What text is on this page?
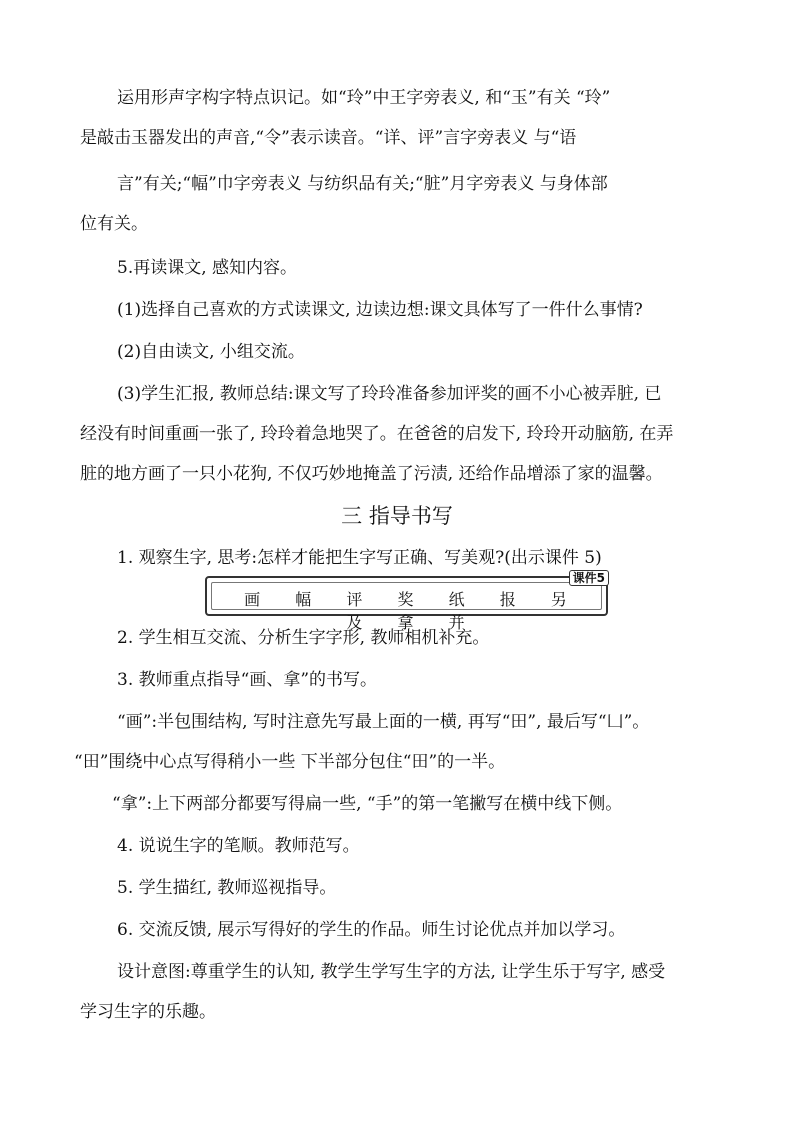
运用形声字构字特点识记。如“玲”中王字旁表义, 和“玉”有关 “玲”
是敲击玉器发出的声音,“令”表示读音。“详、评”言字旁表义 与“语
言”有关;“幅”巾字旁表义 与纺织品有关;“脏”月字旁表义 与身体部
位有关。
5.再读课文, 感知内容。
(1)选择自己喜欢的方式读课文, 边读边想:课文具体写了一件什么事情?
(2)自由读文, 小组交流。
(3)学生汇报, 教师总结:课文写了玲玲准备参加评奖的画不小心被弄脏, 已
经没有时间重画一张了, 玲玲着急地哭了。在爸爸的启发下, 玲玲开动脑筋, 在弄
脏的地方画了一只小花狗, 不仅巧妙地掩盖了污渍, 还给作品增添了家的温馨。
三 指导书写
1. 观察生字, 思考:怎样才能把生字写正确、写美观?(出示课件 5)
课件5
画 幅 评 奖 纸 报 另 及 拿 并
2. 学生相互交流、分析生字字形, 教师相机补充。
3. 教师重点指导“画、拿”的书写。
“画”:半包围结构, 写时注意先写最上面的一横, 再写“田”, 最后写“凵”。
“田”围绕中心点写得稍小一些 下半部分包住“田”的一半。
“拿”:上下两部分都要写得扁一些, “手”的第一笔撇写在横中线下侧。
4. 说说生字的笔顺。教师范写。
5. 学生描红, 教师巡视指导。
6. 交流反馈, 展示写得好的学生的作品。师生讨论优点并加以学习。
设计意图:尊重学生的认知, 教学生学写生字的方法, 让学生乐于写字, 感受
学习生字的乐趣。
